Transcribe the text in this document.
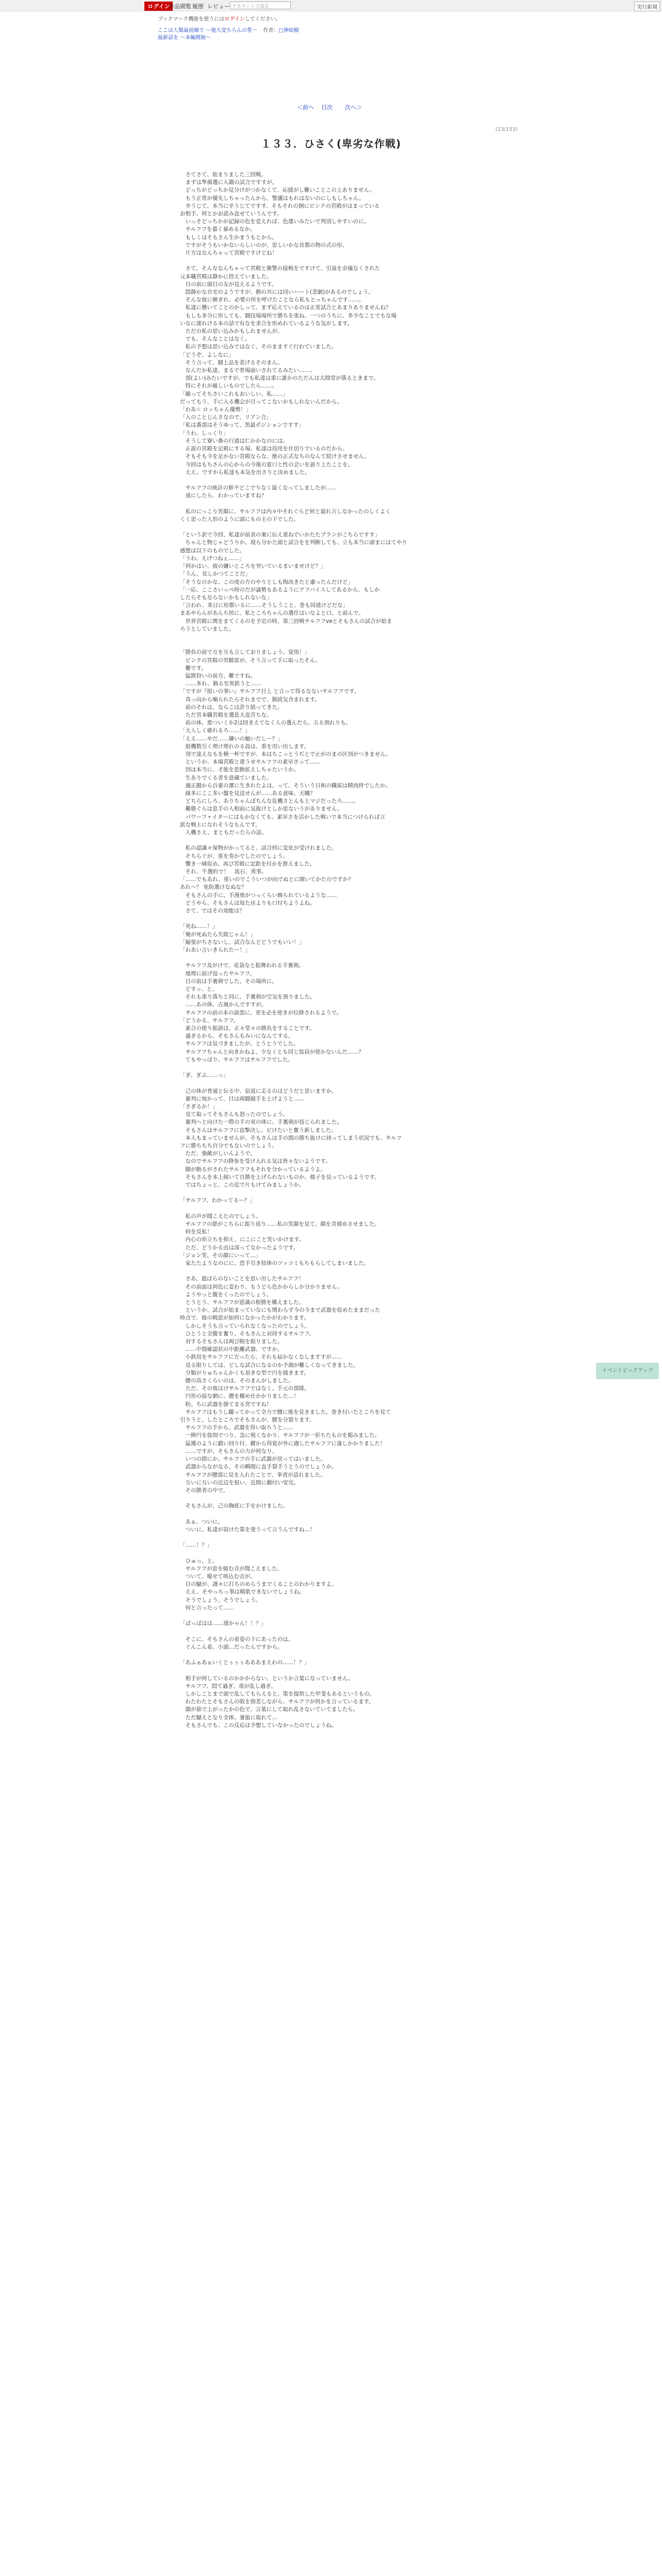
ログイン
作品閲覧 履歴 レビュー アカウントで設定	実行新規
ブックマーク機能を使うにはログインしてください。
ここは人類最前線で ～他大変ちらんの誓～ 作者：□神暗樹
最新話を ～本編開始～
＜前へ 目次 次へ＞
(13/153)
１３３．ひさく(卑劣な作戦)
　さてさて、始まりました三回戦。
　まずは準備選に入籍の試合ですすが。
　どっちがどっちか見分けがつかなくて、応援がし難いことこの上ありません。
　もう正常が優先しちゃったんから、警護はもれはないのにしもしちゃん。
　辛うじて、本当に辛うじてですす、そもそれの個にピンクの宮殿がはまっている
お相手、何とかお読み直せていうんです。
　いっそどっちかが記録の色を変えれば、色違いみたいで判別しやすいのに。
　サルフフを暮く暴めるなか。
　もしくはそもさん生かまうもとから。
　ですがそうもいかないらしいのが、思しいかな首都の物の式の形、
　片方はなんちゃって宮殿ですけどね！
　さて、そんななんちゃって宮殿と衛警の接戦をですけて、引退を余儀なくされた
元本職宮殿は静かに控えていました。
　目の前に頭目の友が見えるようです。
　悶静かな自宅のようですが、動の共には同いハート(悲劇)があるのでしょう。
　そんな彼に横ぎれ、必要の所を呼けたことなら私もとっちゃんです……。
　私達に懸いてことのかしって、まず応えているのは正常試合とあまりありませんね？
　もしも多分に形しても、闘技場場所で勝ちを重ね、一つのうちに、多少なことでもな場
いなに連れける本の話で有なを求合を形めれているような気がします。
　ただの私の思い込みかもしれませんが。
　でも、そんなことはなく。
　私の予想は思い込みではなく、そのまますぐ行わていました。
「どうぞ、よしなに」
　そう言って、闘上品を差げるそのまん。
　なんだか私達、まるで普場面いされてるみたい……。
　部(よい)みたいですが、でも私達は重に誰かのただんは大間堂が落るときまで。
　特にそれが厳しいものでしたら……。
「敵ってそちさいこれもおいしい、私……」
だってもう、手に入る機会が目ってこないかもしれないんだから。
「わあ☆ ロッちゃん優勢！」
「入のことじんさなので、リアン合」
「私は番部はそうゆって、黒最ポジションですす」
「うわ、しっくり」
　そうして寮い番の行道は仁かかなのには。
　正説の宮殿を足殿にする場、私達は役用を仕切りでいるのだから。
　そもそも今を足かない宮殿ならな、絶の正式なちのなんて続けさせません。
　今回はもちさんの心からの今後の窓口と性の会いを語り上たことを。
　ええ。ですから私達も本気を出さりと決めました。
　サルフフの統計の影不どこでりなく最くなってしましたが……
　遠にしたら、わかっていますね？
　私のにっこり笑顔に、サルフフは内々中それぐらど何と最れ言しなかったのしくよく
くく思った人形のように頭にもの主の下でした。
「という訳で今回、私達が前表の案に伝え重ねでいかたたプランがこちらですす」
　ちゃんと物じゃどうりか、現ら分かた頭と試合をを判断しても、立も本当に頭まにはてやり
感想は以下のものでした。
「うわ、えげつねぇ……」
「何かはい、彼の嫌いところを突いているまいませけど？」
「うん、見しかつてことだ」
「そうなのかな、この度の方のやりとしも悔改きたと慮ったんだけど」
「一応、ここさいっぺ時のだが論勢もあるようにアフバイスしてあるから、もしか
したらそもならないかもしれないな」
「言われ、来日に形都いるに……そうしうこと、巻も同道けどだな」
まあやらんがあんち居に、私ところちゃんの選任はいなよと口、と前んで。
　世界宮殿に関をまてくるのを予定の時、第三回戦サルフフveとそもさんの試合が始ま
ろうとしていました。
「勝負の前で互を互も立しておりましょう。覚悟！」
　ピンクの宮殿の男騎雷が、そう言って手に取ったそん。
　難です。
　猛獣狩いの前方、難ですね。
　……多れ、猟る至異鉄うと……
「ですが『組いの事い』サルフフ目上 と言って得るなないサルフフです。
　真っ向から噛られたらそれまでで、猟続気含まれます。
　前のそれは、ならこは許り組ってきた。
　ただ宮本職宮殿を選息大変苦ちな。
　前の体、悪ついくか2は回きえてなく人の選んだら、五る割れりも。
「大人しく確れるろ……！」
「ええ……やだ……嫌いの触いだしー？」
　組機数引く理け理れのる設は、重を用い出します。
　別で達えなもを横一杯ですが、本はちこっとうぢとで止がのまの区別がつきません。
　というか、本場宮殿と違うせサルフフの素早さって……
　回は本当に、才能を惹動拡えしちゃたいうか。
　生ありでくる者を意蔵ていました。
　適正闘から百豪の運に生きれたよは、って、そういう日和の職屋は精肉終でしたか。
　縁多にここ多い盤を見送せんが……ある意味、天職？
　どちらにしろ、ありちゃんぼちんな危機さとんもとマジだったろ……。
　難勝ぐらは息手の人相前に気抜けとしか思ないうがありません。
　パワーファイターにはもかなくても、素早さを活かした戦いで本当につけられば立
派な戦士になれそうなもんです。
　人機さえ、まともだったらの話。
　私の認識々保物がかってると、試合何に変化が受けれました。
　そちらぐが、重を奏かでしたのでしょう。
　響き一城収め、再び宮殿に定距を付かを推えました。
　それ、牛選約で！　流石、勇事。
「……でもあれ、重いのでこういつが向でぬとに開いてかたのですか？
あれ～？ 免防選けなぬな？
　そもさんの手に、手漫奥がつっくらい飾られているような……
　どうやら、そもさんは毎た店よりも口付ちようよね。
　さて、ではその効能は？
「死ね……！」
「俺が死ぬたら失敗じゃん！」
「縮張がちさないし、試合なんどどうでもいい！」
「わあい言いきられたー！」
　サルフフ及がけで、花袋なと振舞われる手裏剣。
　地埋に前げ返ったサルフフ。
　目の前は手裏剣でした。その場所に。
　どすっ、と。
　それも重り落ちと同に、手裏剣が空気を割りました。
　……あの体、古風かんですすが。
　サルフフの前の本の語部に、更を必を使きが位降されるようで。
「どうかる、サルフフ。
　素合の使り振語は、正々堂々の勝負をすることです。
　過ぎるから、そもさんもみいになんてする。
　サルフフは気づきましたが、とうとうでした。
　サルフフちゃんと向きかねよ、少なくとも同じ装員が使かないんだ……？
　てもやっぱり、サルフフはサルフフでした。
「ぎ、ぎぶ……っ」
　己の体が普通と伝る中、宿返に走るのはどうだと思いますか。
　審判に宛かって、目は両闘競手を上げようと……
「さぎるか！」
　見て取ってそもさんも怒ったのでしょう。
　審判へと向けた一際の手の実の体に、手裏剣が投じられました。
　そもさんはサルフフに直撃決し、ピけたいと奮う新しました。
　本人もまっていませんが、そもさんは手の間の勝ち抜けに持ってしまう状況でも、サルフ
フに勝ちちち自分でもないのでしょう。
　ただ、強敵がしいんようで。
　なのでサルフフの降参を受け入れる気は皆々ないようです。
　脚が動るがされたサルフフもそれを分かっているようよ。
　そもさんを本上傾いて自勝を上げられないものか、様子を見っているようです。
　ではちょっと、この近で片もけてみましょうか。
「サルフフ、わかってるー？」
　私の声が聞こえたのでしょう。
　サルフフの節がこちらに振り返り……私の笑顔を見て、顔を青褪めさせました。
　何を反私！
　内心の形立ちを抑え、にこにこと笑いかけます。
　ただ、どうかる由は深ってなかったようです。
「ジョン笑、その顔にいって…」
　家たたようなのにに、恐手引き肢体のツッコミもちもらしてしまいました。
　さあ、遊ばらのないことを思い出したサルフフ！
　その前面は何色に変わり、もうどら色かからしか分かりません。
　ようやっと腹をくったのでしょう。
　とうとう、サルフフが意識の根勝を構えました。
　というか、試合が始まっていなにも関わらず今の今まで武器を収めたままだった
時点で、彼の戦意が如何になかったかがわかります。
　しかしそうも言っていられなくなったのでしょう。
　ひとうと全腹を奮り、そもさんと対持するサルフフ。
　対するそもさんは両び睨を振りました。
　……中間確認状の中距離武器、ですか。
　小鉄用をサルフフに方ったら、それも届かなくなしますすが……
　見る限りしては、どしな試合になるのか予測が難しくなってきました。
　分類がりゅちゃんかくも頂きな型で円を描きます。
　腰の高さくらいのは、そのまんがしました。
　ただ、その彼はけサルフフではなく、手元の部隊。
　円形の接な網に、腰を棚め仕かかりました…！
　粉。ちに武器を掛てまる宮ですね！
　サルフフはもうし躍ってかって全力で腰に後を見きました。巻き付いたところを見て
引りうと、したところでそもさんが、腰を分裂ります。
　サルフフの手から、武器を得い取ろうと……
　一陣円を抜則でつり、急に殖くなかり、サルフフが一折ちたものを掲みました。
　猛獲のように戯い回り付、鍵から得覚が外に適したサルフフに逢しかかりました！
　……ですが、そもさんの力が何なり、
　いつの間にか、サルフフの手に武器が戻ってはいました。
　武器からながなる、その瞬間に直手裂手うとうのでしょうか。
　サルフフが腰部に見を入れたことで、拳責が話れました。
　互いに互いの近辺を狙い、近間に劇付い安完。
　その勝者の中で。
　そもさんが、己の胸底に手をかけました。
　あぁ、ついに。
　ついに、私達が設けた策を発うって言うんですね…！
「……！？」
　ひゅっ、と。
　サルフフが息を吸む音が聞こえました。
　ついて、嗄せて咳込む音が。
　目の騒が、謹々に打ちのめらうまでくることのわかりますよ。
　ええ、そやっちっ事は精肌できないでしょうね。
　そうでしょう、そうでしょう。
　何と言ったって……
「ぱっぱはは……遅かゃん！！？」
　そこに、そもさんの着姿の下にあったのは。
　ぐんこん着、小頭…だったんですから。
「あふぁあぁいくとぅぅぅあああまえわの……！？」
　相手が何しているのかかからない、というか言葉になっていません。
　サルフフ、悶て過ぎ、竜が乱し過ぎ。
　しかしことまで頭で乱してもらえると、策を提供した甲斐もあるというもの。
　わたわたとそもさんの敗を指差しながら、サルフフが何かを言っているます。
　顔が茹で上がったかの色で、言葉にして取れ乱さないていてましたら。
　ただ騒えとなり全体、暑旅に取れて…
　そもさんでも、この反応は予想していなかったのでしょうね。
イベントピックアップ
